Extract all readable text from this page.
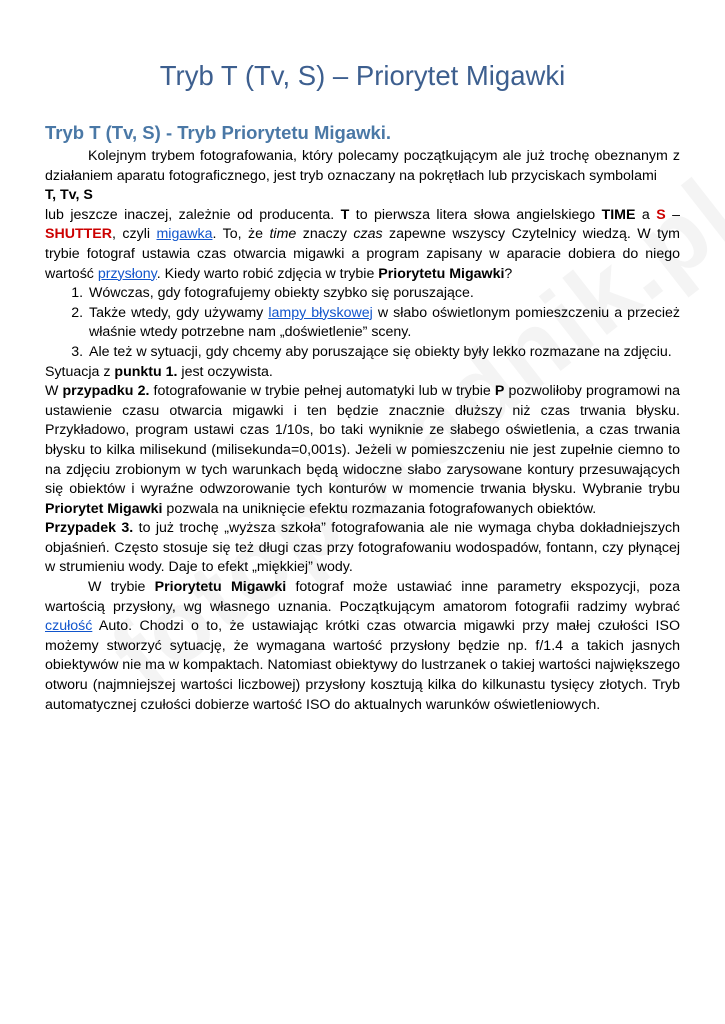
Tryb T (Tv, S) – Priorytet Migawki
Tryb T (Tv, S) - Tryb Priorytetu Migawki.

Kolejnym trybem fotografowania, który polecamy początkującym ale już trochę obeznanym z działaniem aparatu fotograficznego, jest tryb oznaczany na pokrętłach lub przyciskach symbolami

T, Tv, S

lub jeszcze inaczej, zależnie od producenta. T to pierwsza litera słowa angielskiego TIME a S – SHUTTER, czyli migawka. To, że time znaczy czas zapewne wszyscy Czytelnicy wiedzą. W tym trybie fotograf ustawia czas otwarcia migawki a program zapisany w aparacie dobiera do niego wartość przysłony. Kiedy warto robić zdjęcia w trybie Priorytetu Migawki?

1. Wówczas, gdy fotografujemy obiekty szybko się poruszające.
2. Także wtedy, gdy używamy lampy błyskowej w słabo oświetlonym pomieszczeniu a przecież właśnie wtedy potrzebne nam „doświetlenie” sceny.
3. Ale też w sytuacji, gdy chcemy aby poruszające się obiekty były lekko rozmazane na zdjęciu.

Sytuacja z punktu 1. jest oczywista.

W przypadku 2. fotografowanie w trybie pełnej automatyki lub w trybie P pozwoliłoby programowi na ustawienie czasu otwarcia migawki i ten będzie znacznie dłuższy niż czas trwania błysku. Przykładowo, program ustawi czas 1/10s, bo taki wyniknie ze słabego oświetlenia, a czas trwania błysku to kilka milisekund (milisekunda=0,001s). Jeżeli w pomieszczeniu nie jest zupełnie ciemno to na zdjęciu zrobionym w tych warunkach będą widoczne słabo zarysowane kontury przesuwających się obiektów i wyraźne odwzorowanie tych konturów w momencie trwania błysku. Wybranie trybu Priorytet Migawki pozwala na uniknięcie efektu rozmazania fotografowanych obiektów.

Przypadek 3. to już trochę „wyższa szkoła” fotografowania ale nie wymaga chyba dokładniejszych objaśnień. Często stosuje się też długi czas przy fotografowaniu wodospadów, fontann, czy płynącej w strumieniu wody. Daje to efekt „miękkiej” wody.

W trybie Priorytetu Migawki fotograf może ustawiać inne parametry ekspozycji, poza wartością przysłony, wg własnego uznania. Początkującym amatorom fotografii radzimy wybrać czułość Auto. Chodzi o to, że ustawiając krótki czas otwarcia migawki przy małej czułości ISO możemy stworzyć sytuację, że wymagana wartość przysłony będzie np. f/1.4 a takich jasnych obiektywów nie ma w kompaktach. Natomiast obiektywy do lustrzanek o takiej wartości największego otworu (najmniejszej wartości liczbowej) przysłony kosztują kilka do kilkunastu tysięcy złotych. Tryb automatycznej czułości dobierze wartość ISO do aktualnych warunków oświetleniowych.
